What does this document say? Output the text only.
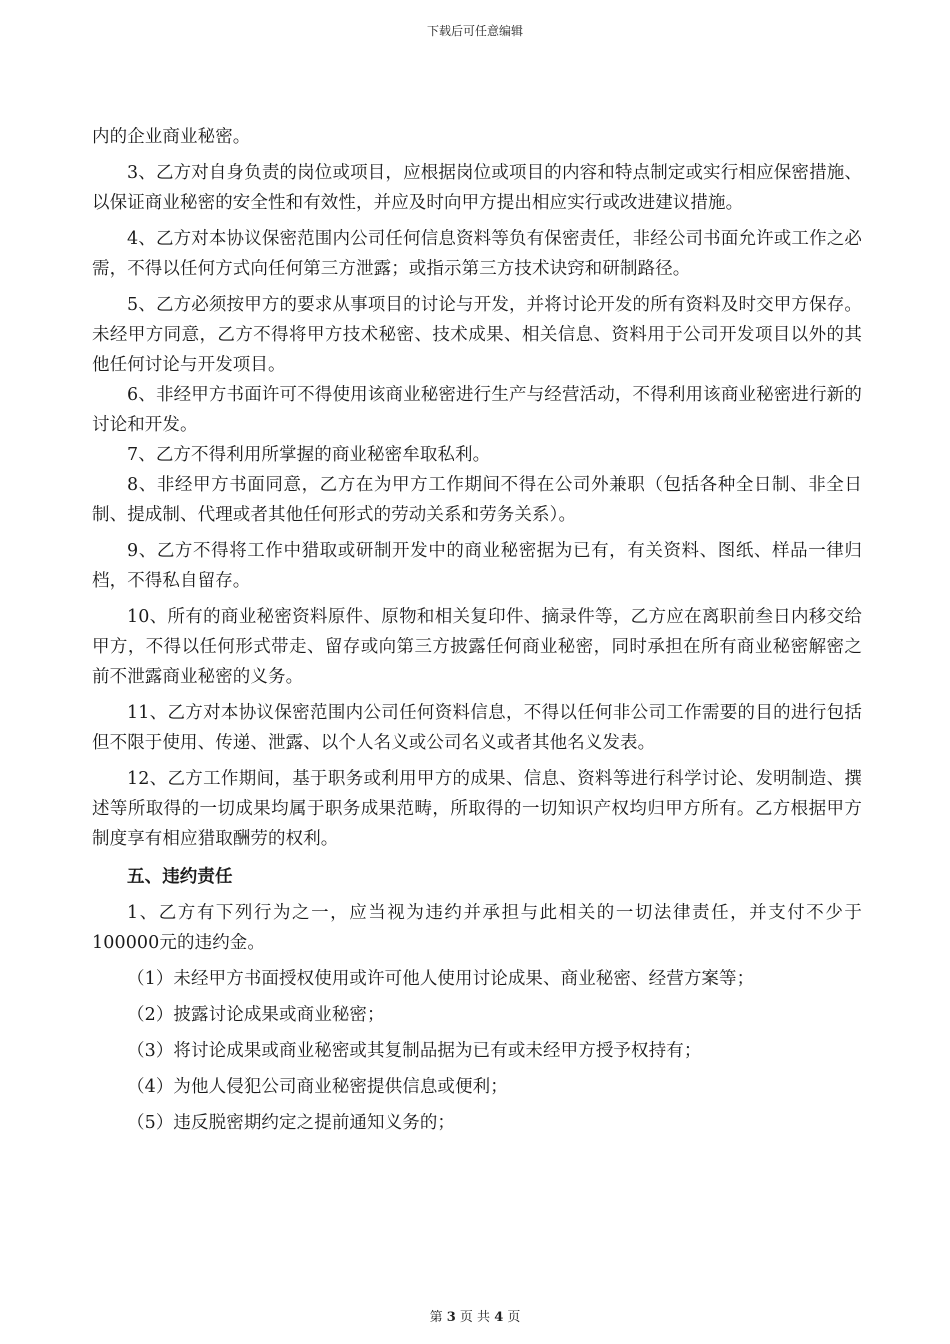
下载后可任意编辑

内的企业商业秘密。

3、乙方对自身负责的岗位或项目，应根据岗位或项目的内容和特点制定或实行相应保密措施、以保证商业秘密的安全性和有效性，并应及时向甲方提出相应实行或改进建议措施。

4、乙方对本协议保密范围内公司任何信息资料等负有保密责任，非经公司书面允许或工作之必需，不得以任何方式向任何第三方泄露；或指示第三方技术诀窍和研制路径。

5、乙方必须按甲方的要求从事项目的讨论与开发，并将讨论开发的所有资料及时交甲方保存。未经甲方同意，乙方不得将甲方技术秘密、技术成果、相关信息、资料用于公司开发项目以外的其他任何讨论与开发项目。

6、非经甲方书面许可不得使用该商业秘密进行生产与经营活动，不得利用该商业秘密进行新的讨论和开发。

7、乙方不得利用所掌握的商业秘密牟取私利。

8、非经甲方书面同意，乙方在为甲方工作期间不得在公司外兼职（包括各种全日制、非全日制、提成制、代理或者其他任何形式的劳动关系和劳务关系）。

9、乙方不得将工作中猎取或研制开发中的商业秘密据为已有，有关资料、图纸、样品一律归档，不得私自留存。

10、所有的商业秘密资料原件、原物和相关复印件、摘录件等，乙方应在离职前叁日内移交给甲方，不得以任何形式带走、留存或向第三方披露任何商业秘密，同时承担在所有商业秘密解密之前不泄露商业秘密的义务。

11、乙方对本协议保密范围内公司任何资料信息，不得以任何非公司工作需要的目的进行包括但不限于使用、传递、泄露、以个人名义或公司名义或者其他名义发表。

12、乙方工作期间，基于职务或利用甲方的成果、信息、资料等进行科学讨论、发明制造、撰述等所取得的一切成果均属于职务成果范畴，所取得的一切知识产权均归甲方所有。乙方根据甲方制度享有相应猎取酬劳的权利。

五、违约责任

1、乙方有下列行为之一，应当视为违约并承担与此相关的一切法律责任，并支付不少于100000元的违约金。

（1）未经甲方书面授权使用或许可他人使用讨论成果、商业秘密、经营方案等；

（2）披露讨论成果或商业秘密；

（3）将讨论成果或商业秘密或其复制品据为已有或未经甲方授予权持有；

（4）为他人侵犯公司商业秘密提供信息或便利；

（5）违反脱密期约定之提前通知义务的；

第 3 页 共 4 页
